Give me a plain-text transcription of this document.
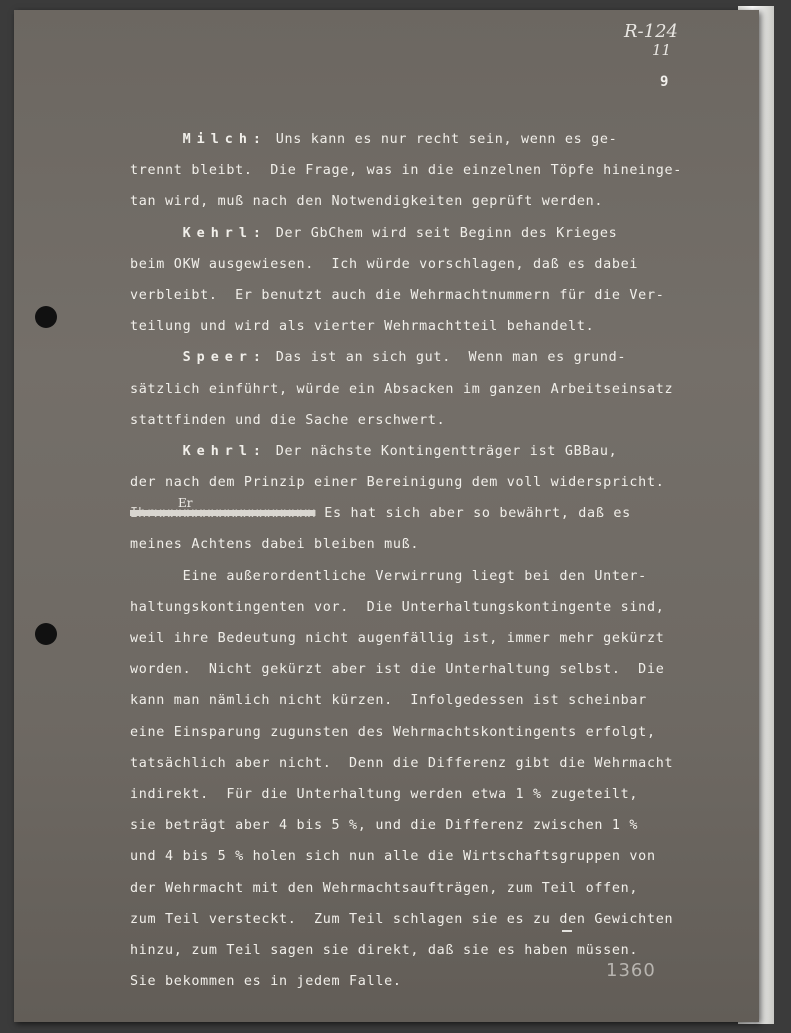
R-124
11
9
Milch: Uns kann es nur recht sein, wenn es ge-
trennt bleibt.  Die Frage, was in die einzelnen Töpfe hineinge-
tan wird, muß nach den Notwendigkeiten geprüft werden.
Kehrl: Der GbChem wird seit Beginn des Krieges
beim OKW ausgewiesen.  Ich würde vorschlagen, daß es dabei
verbleibt.  Er benutzt auch die Wehrmachtnummern für die Ver-
teilung und wird als vierter Wehrmachtteil behandelt.
Speer: Das ist an sich gut.  Wenn man es grund-
sätzlich einführt, würde ein Absacken im ganzen Arbeitseinsatz
stattfinden und die Sache erschwert.
Kehrl: Der nächste Kontingentträger ist GBBau,
der nach dem Prinzip einer Bereinigung dem voll widerspricht.
Ihrxxxxxxxxxxxxxxxxxxxx Es hat sich aber so bewährt, daß es
meines Achtens dabei bleiben muß.
Eine außerordentliche Verwirrung liegt bei den Unter-
haltungskontingenten vor.  Die Unterhaltungskontingente sind,
weil ihre Bedeutung nicht augenfällig ist, immer mehr gekürzt
worden.  Nicht gekürzt aber ist die Unterhaltung selbst.  Die
kann man nämlich nicht kürzen.  Infolgedessen ist scheinbar
eine Einsparung zugunsten des Wehrmachtskontingents erfolgt,
tatsächlich aber nicht.  Denn die Differenz gibt die Wehrmacht
indirekt.  Für die Unterhaltung werden etwa 1 % zugeteilt,
sie beträgt aber 4 bis 5 %, und die Differenz zwischen 1 %
und 4 bis 5 % holen sich nun alle die Wirtschaftsgruppen von
der Wehrmacht mit den Wehrmachtsaufträgen, zum Teil offen,
zum Teil versteckt.  Zum Teil schlagen sie es zu den Gewichten
hinzu, zum Teil sagen sie direkt, daß sie es haben müssen.
Sie bekommen es in jedem Falle.
Er
1360
